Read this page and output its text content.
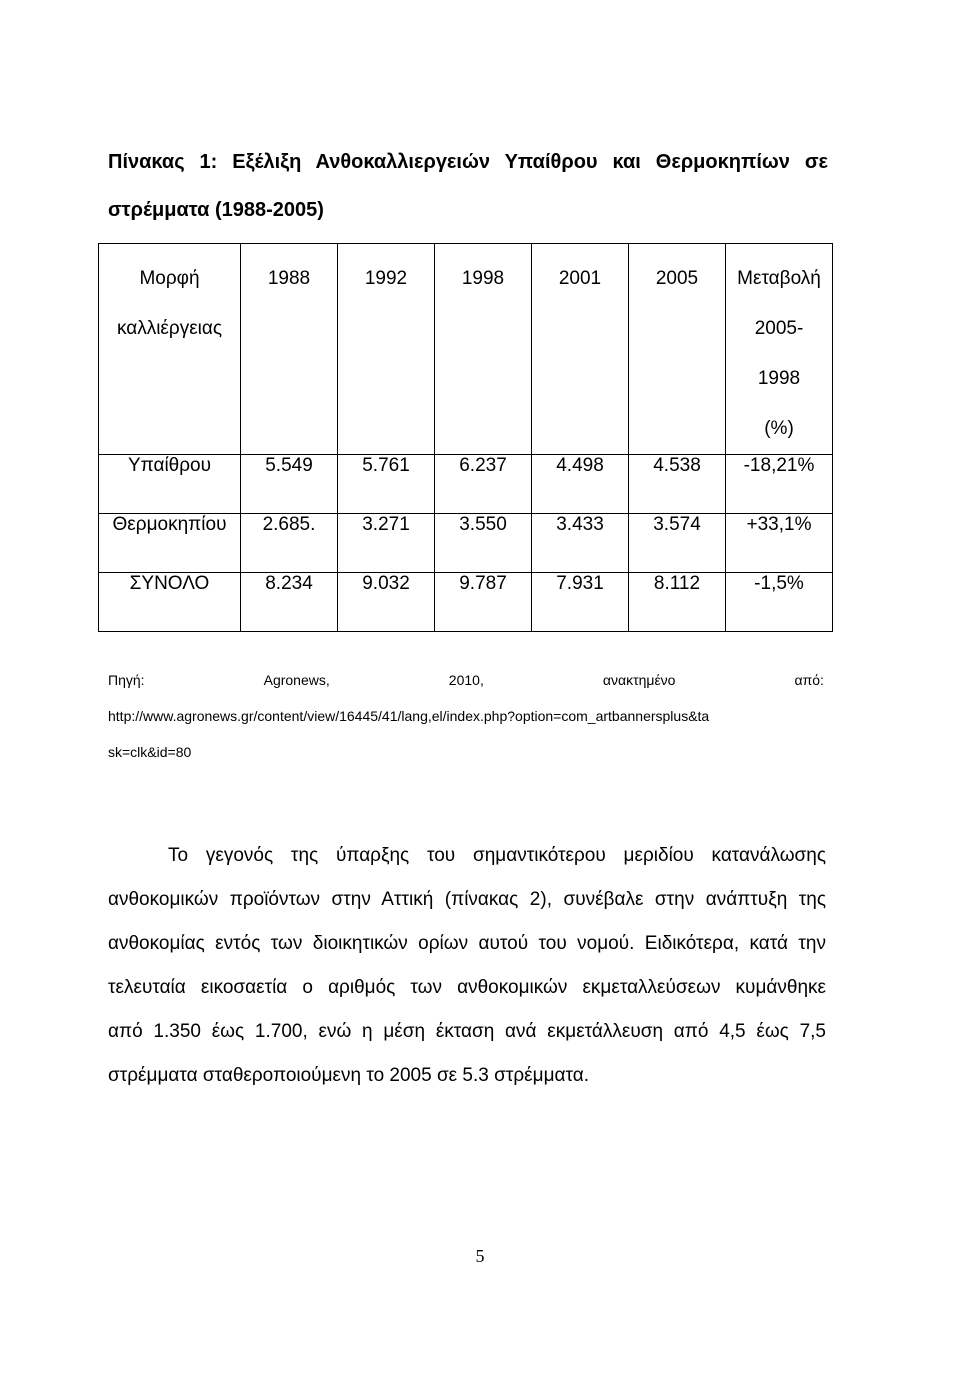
Πίνακας 1: Εξέλιξη Ανθοκαλλιεργειών Υπαίθρου και Θερμοκηπίων σε
στρέμματα (1988-2005)
Μορφή
καλλιέργειας	1988	1992	1998	2001	2005	Μεταβολή
2005-
1998
(%)

Υπαίθρου	5.549	5.761	6.237	4.498	4.538	-18,21%
Θερμοκηπίου	2.685.	3.271	3.550	3.433	3.574	+33,1%
ΣΥΝΟΛΟ	8.234	9.032	9.787	7.931	8.112	-1,5%
Πηγή:	Agronews,	2010,	ανακτημένο	από:
http://www.agronews.gr/content/view/16445/41/lang,el/index.php?option=com_artbannersplus&ta
sk=clk&id=80
Το γεγονός της ύπαρξης του σημαντικότερου μεριδίου κατανάλωσης
ανθοκομικών προϊόντων στην Αττική (πίνακας 2), συνέβαλε στην ανάπτυξη της
ανθοκομίας εντός των διοικητικών ορίων αυτού του νομού. Ειδικότερα, κατά την
τελευταία εικοσαετία ο αριθμός των ανθοκομικών εκμεταλλεύσεων κυμάνθηκε
από 1.350 έως 1.700, ενώ η μέση έκταση ανά εκμετάλλευση από 4,5 έως 7,5
στρέμματα σταθεροποιούμενη το 2005 σε 5.3 στρέμματα.
5
